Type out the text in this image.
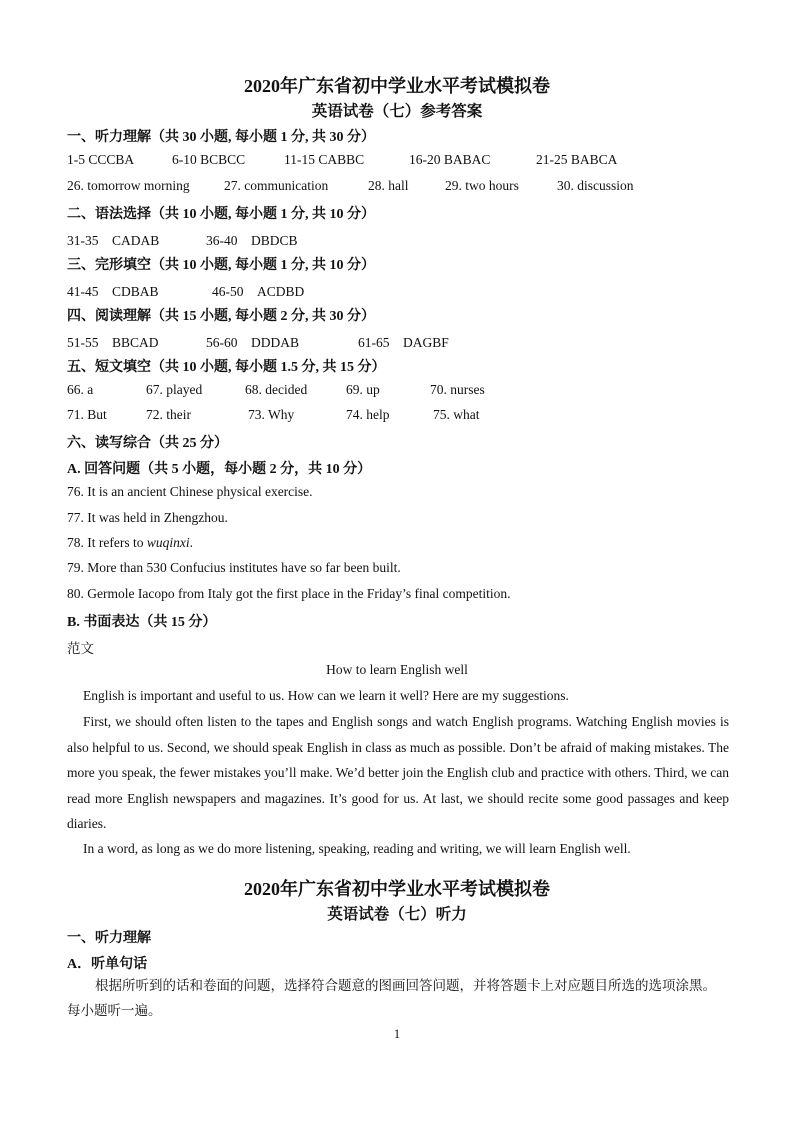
2020年广东省初中学业水平考试模拟卷
英语试卷（七）参考答案
一、听力理解（共 30 小题, 每小题 1 分, 共 30 分）
1-5 CCCBA	6-10 BCBCC	11-15 CABBC	16-20 BABAC	21-25 BABCA
26. tomorrow morning	27. communication	28. hall	29. two hours	30. discussion
二、语法选择（共 10 小题, 每小题 1 分, 共 10 分）
31-35　CADAB	36-40　DBDCB
三、完形填空（共 10 小题, 每小题 1 分, 共 10 分）
41-45　CDBAB	46-50　ACDBD
四、阅读理解（共 15 小题, 每小题 2 分, 共 30 分）
51-55　BBCAD	56-60　DDDAB	61-65　DAGBF
五、短文填空（共 10 小题, 每小题 1.5 分, 共 15 分）
66. a	67. played	68. decided	69. up	70. nurses
71. But	72. their	73. Why	74. help	75. what
六、读写综合（共 25 分）
A. 回答问题（共 5 小题，每小题 2 分，共 10 分）
76. It is an ancient Chinese physical exercise.
77. It was held in Zhengzhou.
78. It refers to wuqinxi.
79. More than 530 Confucius institutes have so far been built.
80. Germole Iacopo from Italy got the first place in the Friday’s final competition.
B. 书面表达（共 15 分）
范文
How to learn English well
English is important and useful to us. How can we learn it well? Here are my suggestions.
First, we should often listen to the tapes and English songs and watch English programs. Watching English movies is also helpful to us. Second, we should speak English in class as much as possible. Don’t be afraid of making mistakes. The more you speak, the fewer mistakes you’ll make. We’d better join the English club and practice with others. Third, we can read more English newspapers and magazines. It’s good for us. At last, we should recite some good passages and keep diaries.
In a word, as long as we do more listening, speaking, reading and writing, we will learn English well.
2020年广东省初中学业水平考试模拟卷
英语试卷（七）听力
一、听力理解
A．听单句话
根据所听到的话和卷面的问题，选择符合题意的图画回答问题，并将答题卡上对应题目所选的选项涂黑。
每小题听一遍。
1
